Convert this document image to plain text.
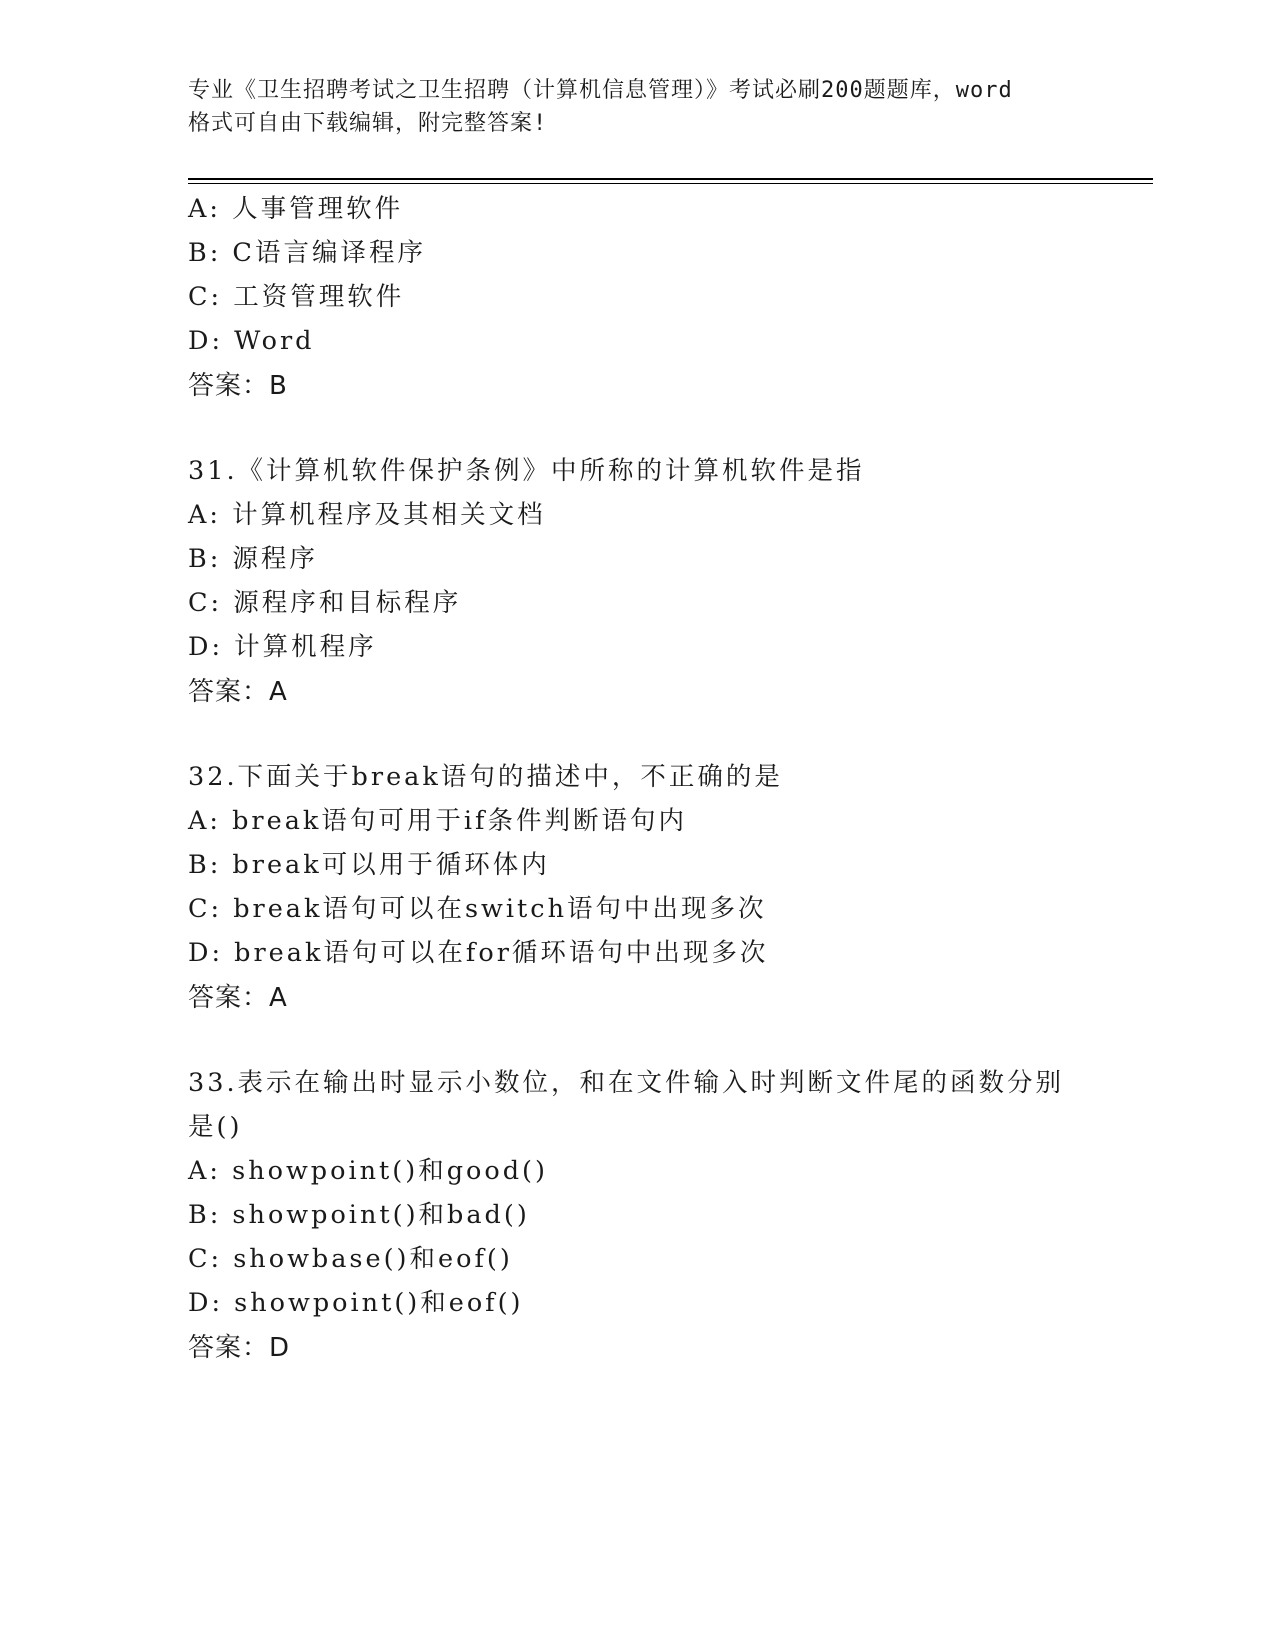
专业《卫生招聘考试之卫生招聘（计算机信息管理）》考试必刷200题题库，word
格式可自由下载编辑，附完整答案!
A: 人事管理软件
B: C语言编译程序
C: 工资管理软件
D: Word
答案：B
31.《计算机软件保护条例》中所称的计算机软件是指
A: 计算机程序及其相关文档
B: 源程序
C: 源程序和目标程序
D: 计算机程序
答案：A
32.下面关于break语句的描述中，不正确的是
A: break语句可用于if条件判断语句内
B: break可以用于循环体内
C: break语句可以在switch语句中出现多次
D: break语句可以在for循环语句中出现多次
答案：A
33.表示在输出时显示小数位，和在文件输入时判断文件尾的函数分别
是()
A: showpoint()和good()
B: showpoint()和bad()
C: showbase()和eof()
D: showpoint()和eof()
答案：D
